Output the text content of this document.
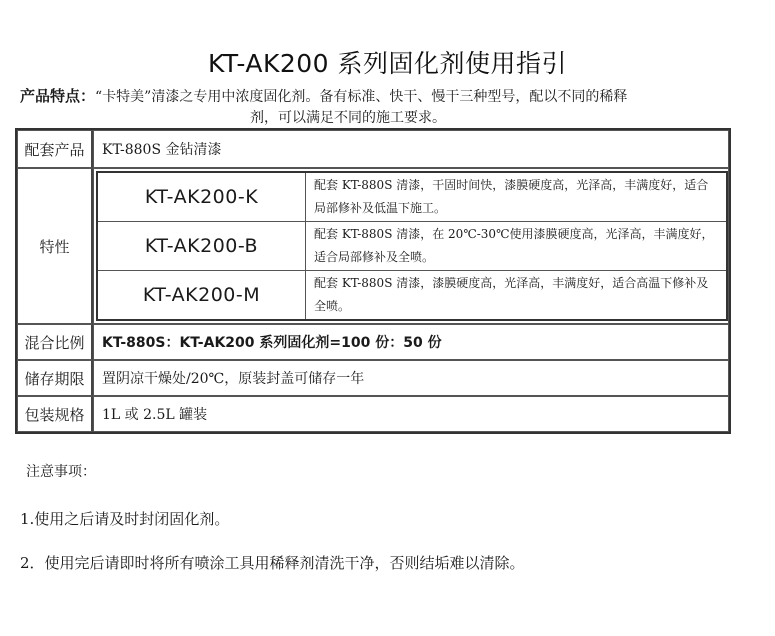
KT-AK200 系列固化剂使用指引
产品特点：“卡特美”清漆之专用中浓度固化剂。备有标准、快干、慢干三种型号，配以不同的稀释
剂，可以满足不同的施工要求。
配套产品	KT-880S 金钻清漆
特性	
KT-AK200-K	配套 KT-880S 清漆，干固时间快，漆膜硬度高，光泽高，丰满度好，适合局部修补及低温下施工。
KT-AK200-B	配套 KT-880S 清漆，在 20℃-30℃使用漆膜硬度高，光泽高，丰满度好，适合局部修补及全喷。
KT-AK200-M	配套 KT-880S 清漆，漆膜硬度高，光泽高，丰满度好，适合高温下修补及全喷。

混合比例	KT-880S：KT-AK200 系列固化剂=100 份：50 份
储存期限	置阴凉干燥处/20℃，原装封盖可储存一年
包装规格	1L 或 2.5L 罐装
注意事项：
1.使用之后请及时封闭固化剂。
2．使用完后请即时将所有喷涂工具用稀释剂清洗干净，否则结垢难以清除。
